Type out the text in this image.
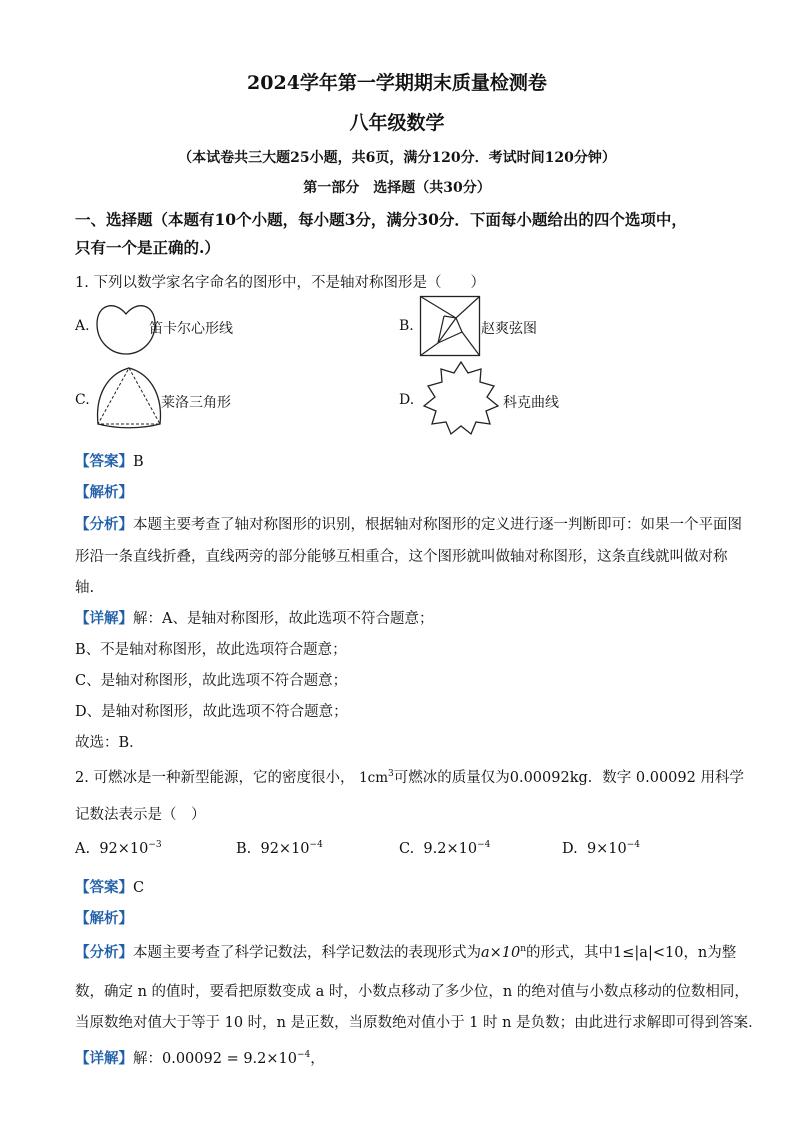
2024学年第一学期期末质量检测卷
八年级数学
（本试卷共三大题25小题，共6页，满分120分．考试时间120分钟）
第一部分　选择题（共30分）
一、选择题（本题有10个小题，每小题3分，满分30分．下面每小题给出的四个选项中，
只有一个是正确的.）
1. 下列以数学家名字命名的图形中，不是轴对称图形是（　　）
A.	笛卡尔心形线	B.	赵爽弦图
C.	莱洛三角形	D.	科克曲线
【答案】B
【解析】
【分析】本题主要考查了轴对称图形的识别，根据轴对称图形的定义进行逐一判断即可：如果一个平面图
形沿一条直线折叠，直线两旁的部分能够互相重合，这个图形就叫做轴对称图形，这条直线就叫做对称
轴.
【详解】解：A、是轴对称图形，故此选项不符合题意；
B、不是轴对称图形，故此选项符合题意；
C、是轴对称图形，故此选项不符合题意；
D、是轴对称图形，故此选项不符合题意；
故选：B．
2. 可燃冰是一种新型能源，它的密度很小， $1cm^3$可燃冰的质量仅为0.00092kg．数字 0.00092 用科学
记数法表示是（　）
A. $92\times 10^{-3}$	B. $92\times 10^{-4}$	C. $9.2\times 10^{-4}$	D. $9\times 10^{-4}$
【答案】C
【解析】
【分析】本题主要考查了科学记数法，科学记数法的表现形式为$a\times 10^n$的形式，其中1≤|a|<10，n为整
数，确定 n 的值时，要看把原数变成 a 时，小数点移动了多少位，n 的绝对值与小数点移动的位数相同，
当原数绝对值大于等于 10 时，n 是正数，当原数绝对值小于 1 时 n 是负数；由此进行求解即可得到答案．
【详解】解：$0.00092 = 9.2\times 10^{-4}$，
